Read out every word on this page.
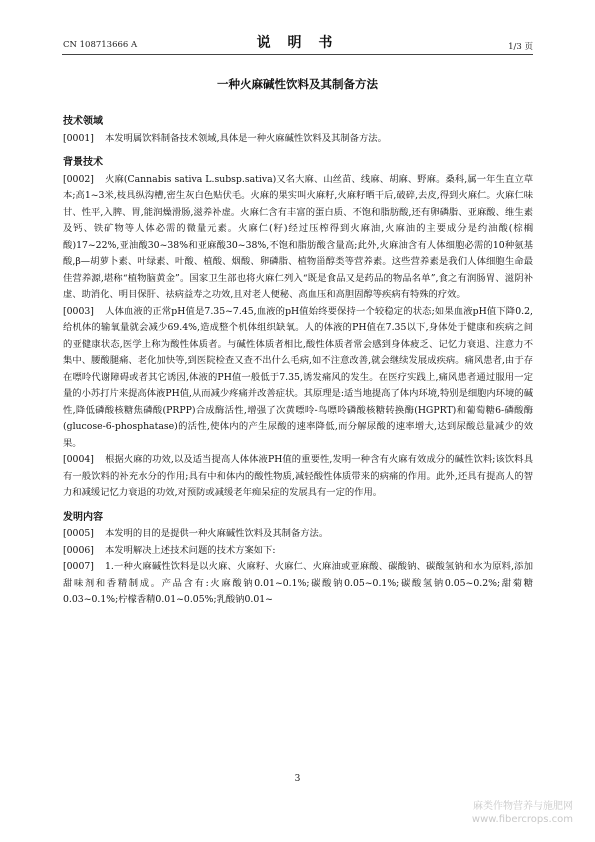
CN 108713666 A	说 明 书	1/3 页
一种火麻碱性饮料及其制备方法
技术领域

[0001] 本发明属饮料制备技术领域,具体是一种火麻碱性饮料及其制备方法。

背景技术

[0002] 火麻(Cannabis sativa L.subsp.sativa)又名大麻、山丝苗、线麻、胡麻、野麻。桑科,属一年生直立草本;高1~3米,枝具纵沟槽,密生灰白色贴伏毛。火麻的果实叫火麻籽,火麻籽晒干后,破碎,去皮,得到火麻仁。火麻仁味甘、性平,入脾、胃,能润燥滑肠,滋养补虚。火麻仁含有丰富的蛋白质、不饱和脂肪酸,还有卵磷脂、亚麻酸、维生素及钙、铁矿物等人体必需的微量元素。火麻仁(籽)经过压榨得到火麻油,火麻油的主要成分是约油酸(棕榈酸)17~22%,亚油酸30~38%和亚麻酸30~38%,不饱和脂肪酸含量高;此外,火麻油含有人体细胞必需的10种氨基酸,β—胡萝卜素、叶绿素、叶酸、植酸、烟酸、卵磷脂、植物甾醇类等营养素。这些营养素是我们人体细胞生命最佳营养源,堪称“植物脑黄金”。国家卫生部也将火麻仁列入“既是食品又是药品的物品名单”,食之有润肠胃、滋阴补虚、助消化、明目保肝、祛病益寿之功效,且对老人便秘、高血压和高胆固醇等疾病有特殊的疗效。

[0003] 人体血液的正常pH值是7.35~7.45,血液的pH值始终要保持一个较稳定的状态;如果血液pH值下降0.2,给机体的输氧量就会减少69.4%,造成整个机体组织缺氧。人的体液的PH值在7.35以下,身体处于健康和疾病之间的亚健康状态,医学上称为酸性体质者。与碱性体质者相比,酸性体质者常会感到身体疲乏、记忆力衰退、注意力不集中、腰酸腿痛、老化加快等,到医院检查又查不出什么毛病,如不注意改善,就会继续发展成疾病。痛风患者,由于存在嘌呤代谢障碍或者其它诱因,体液的PH值一般低于7.35,诱发痛风的发生。在医疗实践上,痛风患者通过服用一定量的小苏打片来提高体液PH值,从而减少疼痛并改善症状。其原理是:适当地提高了体内环境,特别是细胞内环境的碱性,降低磷酸核糖焦磷酸(PRPP)合成酶活性,增强了次黄嘌呤-鸟嘌呤磷酸核糖转换酶(HGPRT)和葡萄糖6-磷酸酶(glucose-6-phosphatase)的活性,使体内的产生尿酸的速率降低,而分解尿酸的速率增大,达到尿酸总量减少的效果。

[0004] 根据火麻的功效,以及适当提高人体体液PH值的重要性,发明一种含有火麻有效成分的碱性饮料;该饮料具有一般饮料的补充水分的作用;具有中和体内的酸性物质,减轻酸性体质带来的病痛的作用。此外,还具有提高人的智力和减缓记忆力衰退的功效,对预防或减缓老年痴呆症的发展具有一定的作用。

发明内容

[0005] 本发明的目的是提供一种火麻碱性饮料及其制备方法。

[0006] 本发明解决上述技术问题的技术方案如下:

[0007] 1.一种火麻碱性饮料是以火麻、火麻籽、火麻仁、火麻油或亚麻酸、碳酸钠、碳酸氢钠和水为原料,添加甜味剂和香精制成。产品含有:火麻酸钠0.01~0.1%;碳酸钠0.05~0.1%;碳酸氢钠0.05~0.2%;甜菊糖0.03~0.1%;柠檬香精0.01~0.05%;乳酸钠0.01~

3
麻类作物营养与施肥网
www.fibercrops.com
